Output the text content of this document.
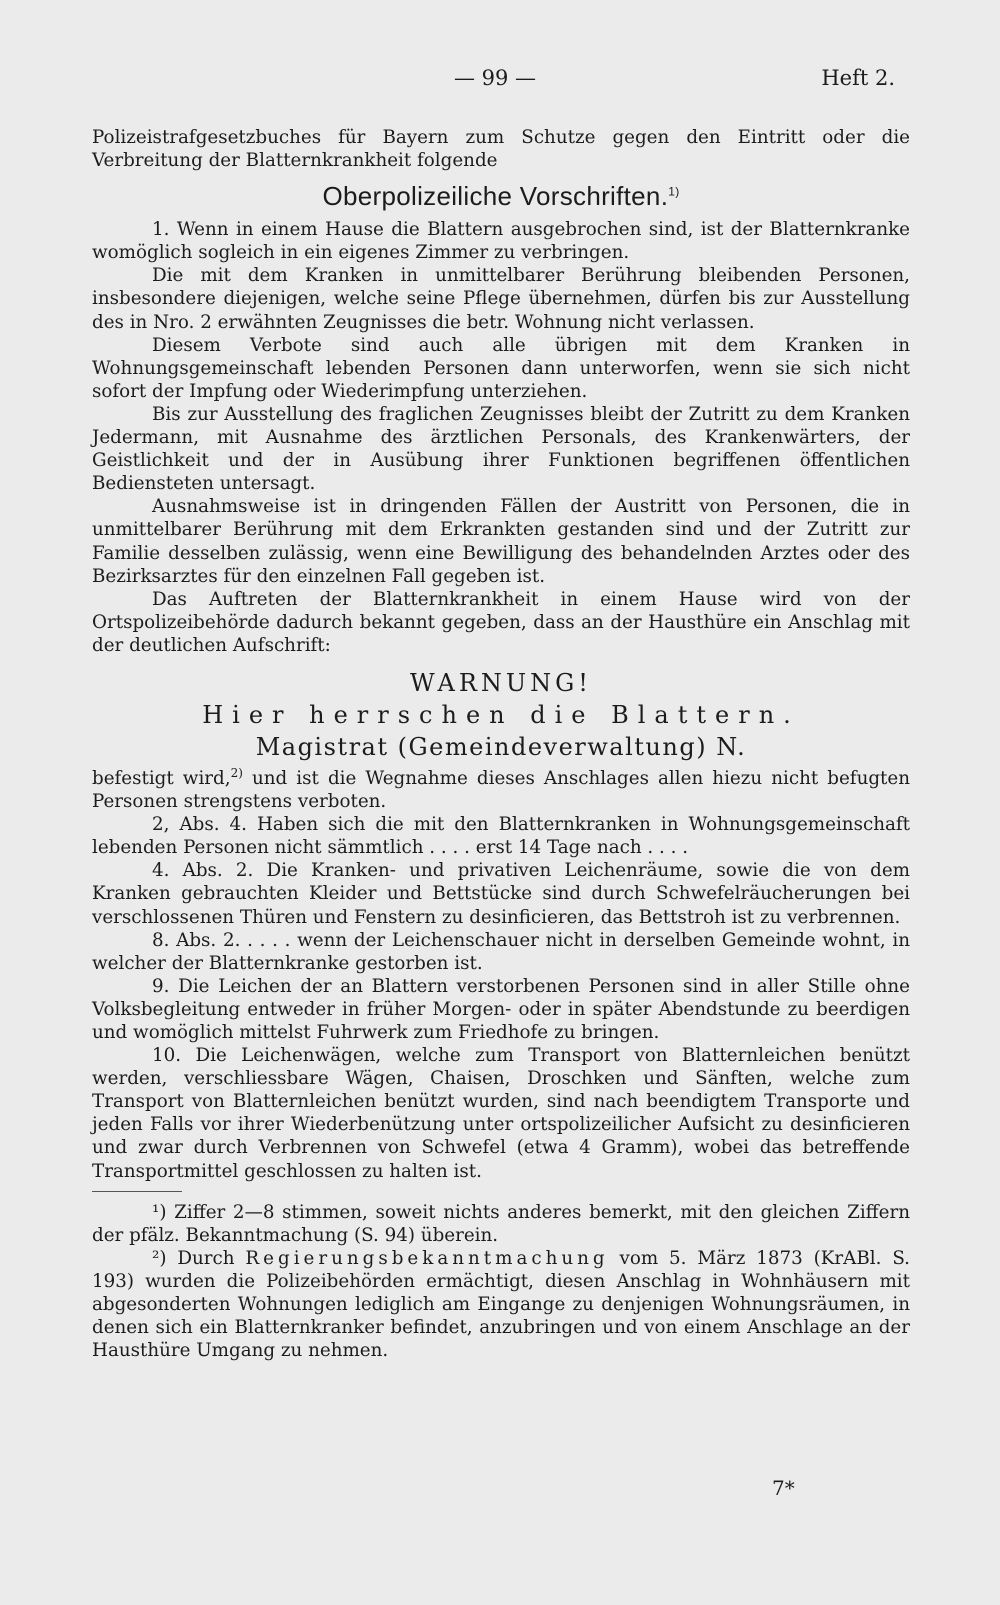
— 99 —	Heft 2.

Polizeistrafgesetzbuches für Bayern zum Schutze gegen den Eintritt oder die Verbreitung der Blatternkrankheit folgende

Oberpolizeiliche Vorschriften.$^{1)}$

1. Wenn in einem Hause die Blattern ausgebrochen sind, ist der Blatternkranke womöglich sogleich in ein eigenes Zimmer zu verbringen.

Die mit dem Kranken in unmittelbarer Berührung bleibenden Personen, insbesondere diejenigen, welche seine Pflege übernehmen, dürfen bis zur Ausstellung des in Nro. 2 erwähnten Zeugnisses die betr. Wohnung nicht verlassen.

Diesem Verbote sind auch alle übrigen mit dem Kranken in Wohnungsgemeinschaft lebenden Personen dann unterworfen, wenn sie sich nicht sofort der Impfung oder Wiederimpfung unterziehen.

Bis zur Ausstellung des fraglichen Zeugnisses bleibt der Zutritt zu dem Kranken Jedermann, mit Ausnahme des ärztlichen Personals, des Krankenwärters, der Geistlichkeit und der in Ausübung ihrer Funktionen begriffenen öffentlichen Bediensteten untersagt.

Ausnahmsweise ist in dringenden Fällen der Austritt von Personen, die in unmittelbarer Berührung mit dem Erkrankten gestanden sind und der Zutritt zur Familie desselben zulässig, wenn eine Bewilligung des behandelnden Arztes oder des Bezirksarztes für den einzelnen Fall gegeben ist.

Das Auftreten der Blatternkrankheit in einem Hause wird von der Ortspolizeibehörde dadurch bekannt gegeben, dass an der Hausthüre ein Anschlag mit der deutlichen Aufschrift:

WARNUNG!
Hier herrschen die Blattern.
Magistrat (Gemeindeverwaltung) N.

befestigt wird,$^{2)}$ und ist die Wegnahme dieses Anschlages allen hiezu nicht befugten Personen strengstens verboten.

2, Abs. 4. Haben sich die mit den Blatternkranken in Wohnungsgemeinschaft lebenden Personen nicht sämmtlich . . . . erst 14 Tage nach . . . .

4. Abs. 2. Die Kranken- und privativen Leichenräume, sowie die von dem Kranken gebrauchten Kleider und Bettstücke sind durch Schwefelräucherungen bei verschlossenen Thüren und Fenstern zu desinficieren, das Bettstroh ist zu verbrennen.

8. Abs. 2. . . . . wenn der Leichenschauer nicht in derselben Gemeinde wohnt, in welcher der Blatternkranke gestorben ist.

9. Die Leichen der an Blattern verstorbenen Personen sind in aller Stille ohne Volksbegleitung entweder in früher Morgen- oder in später Abendstunde zu beerdigen und womöglich mittelst Fuhrwerk zum Friedhofe zu bringen.

10. Die Leichenwägen, welche zum Transport von Blatternleichen benützt werden, verschliessbare Wägen, Chaisen, Droschken und Sänften, welche zum Transport von Blatternleichen benützt wurden, sind nach beendigtem Transporte und jeden Falls vor ihrer Wiederbenützung unter ortspolizeilicher Aufsicht zu desinficieren und zwar durch Verbrennen von Schwefel (etwa 4 Gramm), wobei das betreffende Transportmittel geschlossen zu halten ist.

¹) Ziffer 2—8 stimmen, soweit nichts anderes bemerkt, mit den gleichen Ziffern der pfälz. Bekanntmachung (S. 94) überein.

²) Durch Regierungsbekanntmachung vom 5. März 1873 (KrABl. S. 193) wurden die Polizeibehörden ermächtigt, diesen Anschlag in Wohnhäusern mit abgesonderten Wohnungen lediglich am Eingange zu denjenigen Wohnungsräumen, in denen sich ein Blatternkranker befindet, anzubringen und von einem Anschlage an der Hausthüre Umgang zu nehmen.

7*
